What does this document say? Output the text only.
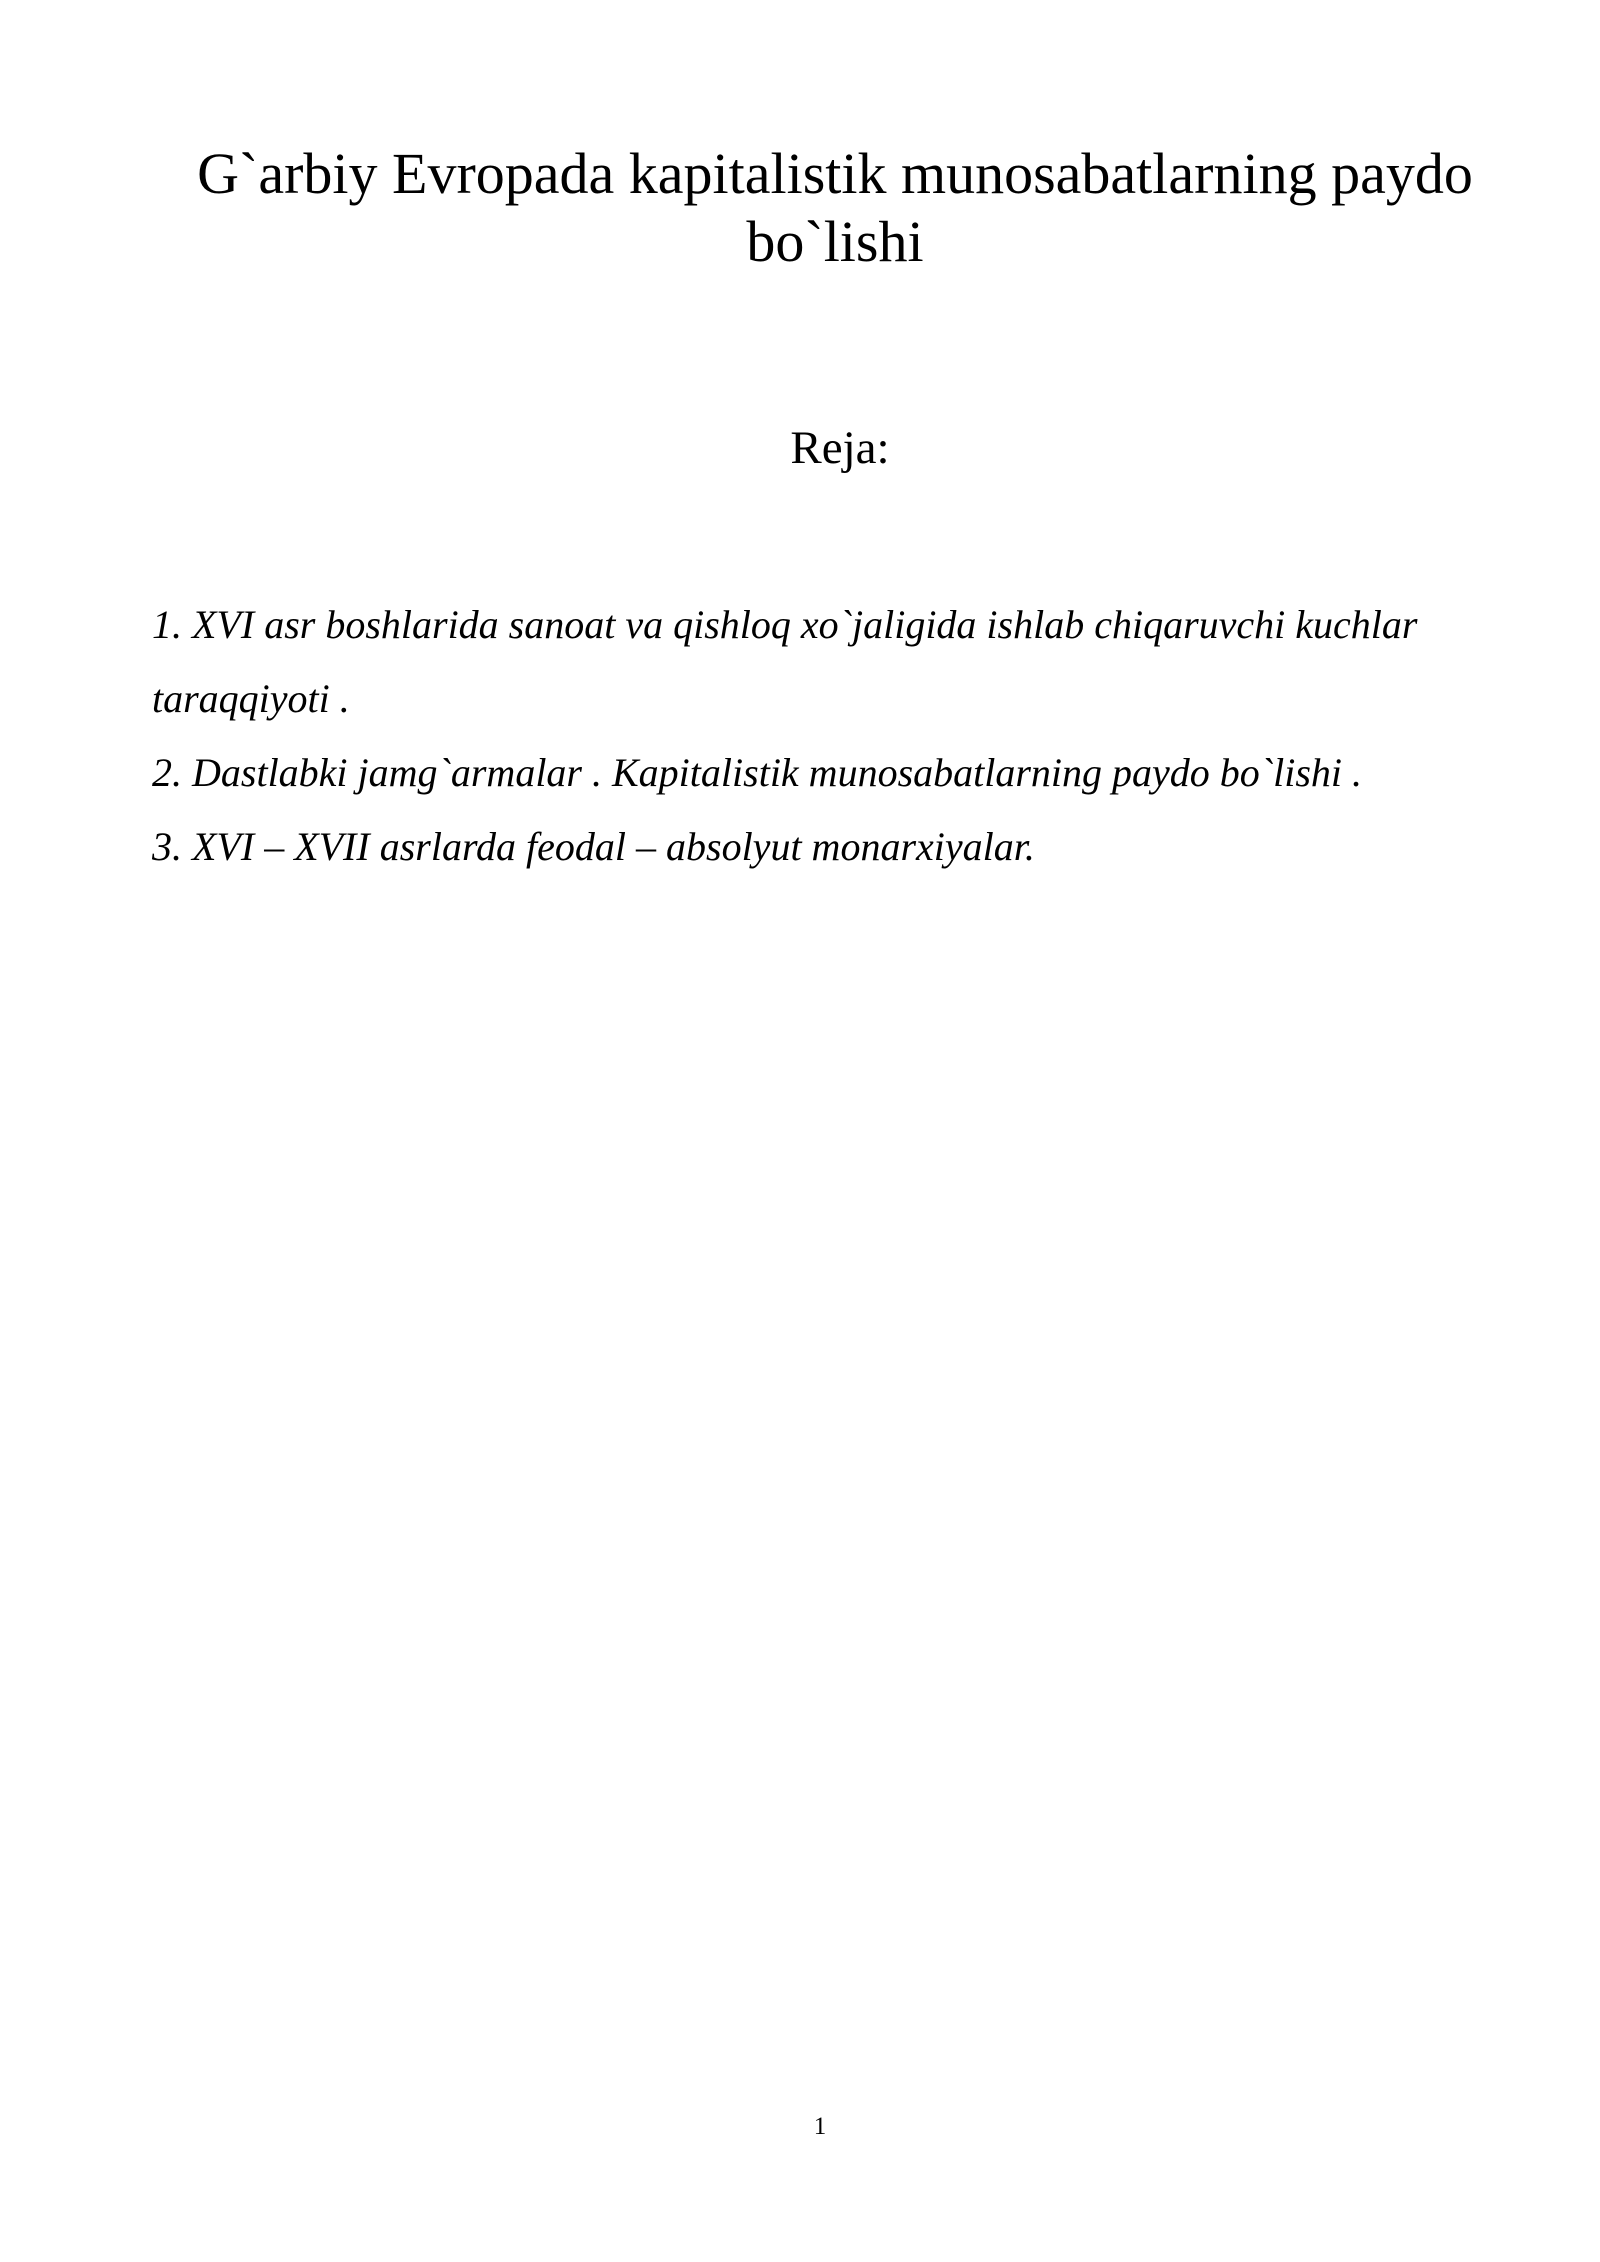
G`arbiy Evropada kapitalistik munosabatlarning paydo
bo`lishi
Reja:
1. XVI asr boshlarida sanoat va qishloq xo`jaligida ishlab chiqaruvchi kuchlar
taraqqiyoti .
2. Dastlabki jamg`armalar . Kapitalistik munosabatlarning paydo bo`lishi .
3. XVI – XVII asrlarda feodal – absolyut monarxiyalar.
1
